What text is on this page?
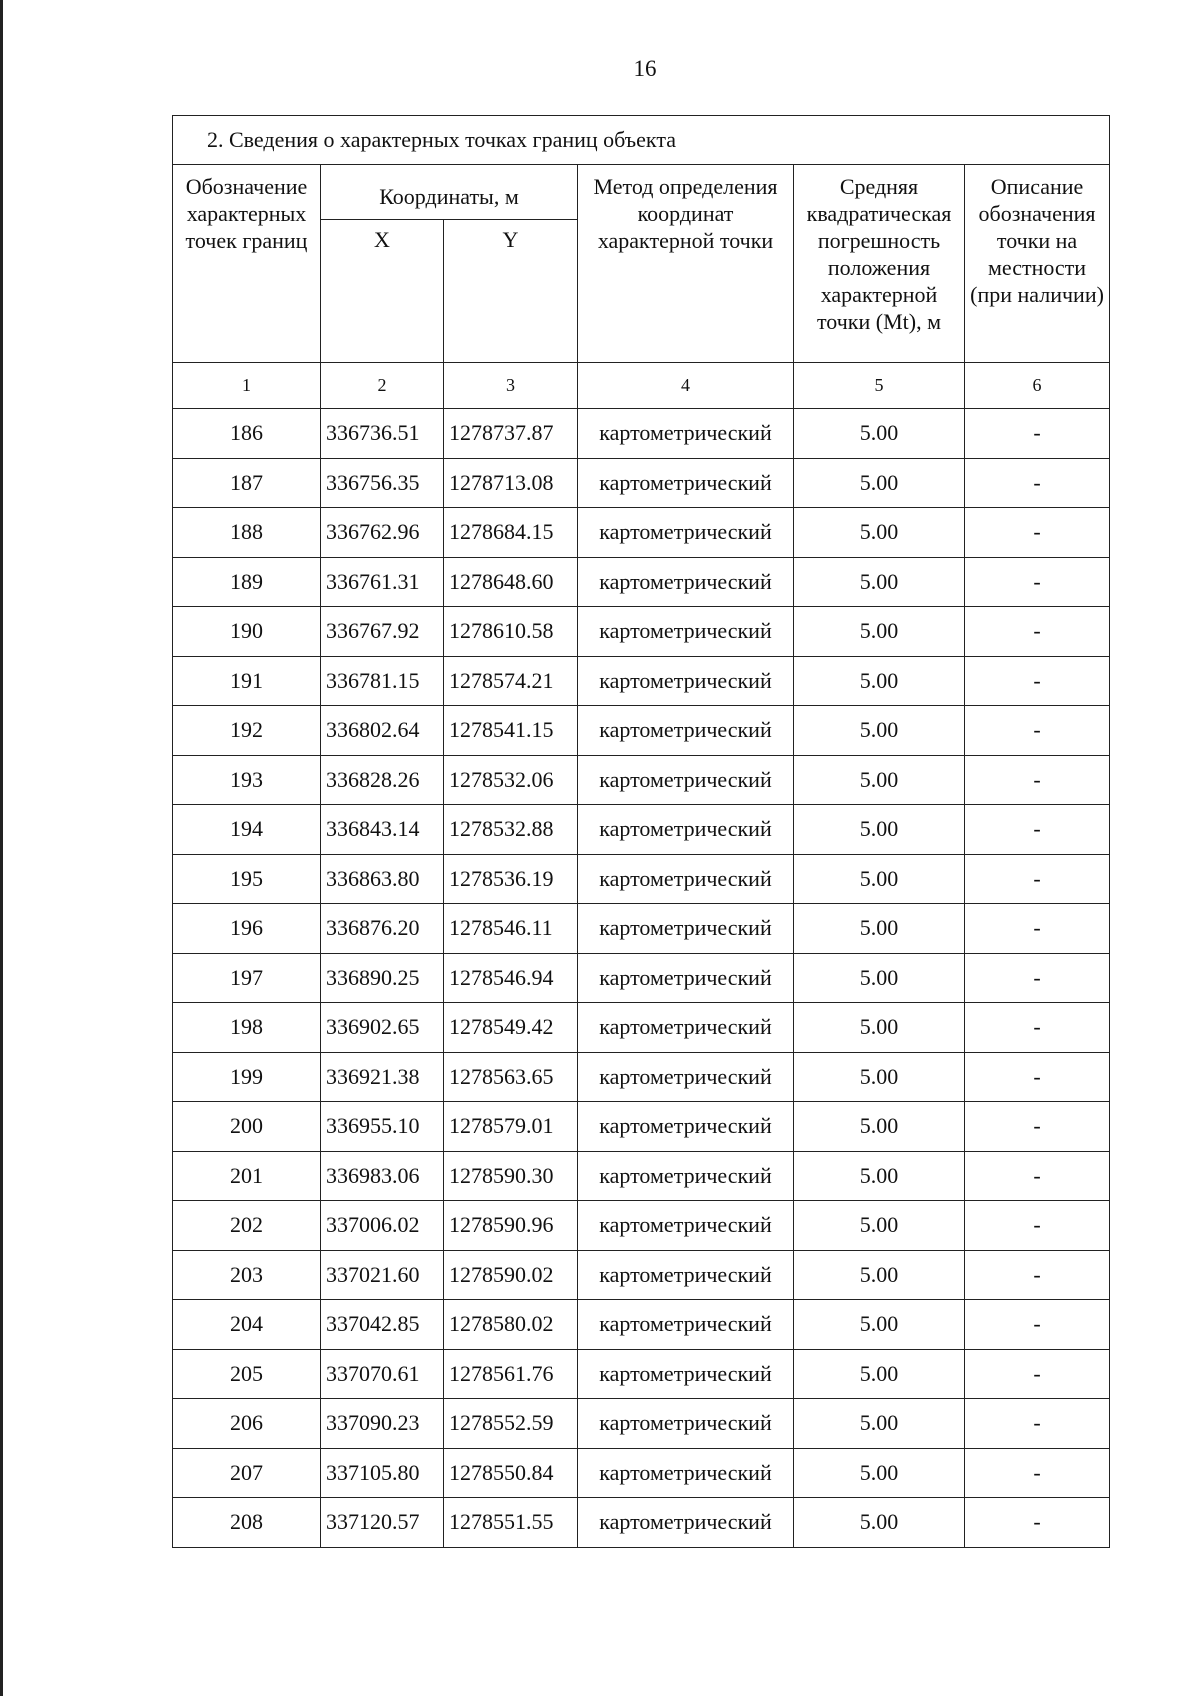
16
2. Сведения о характерных точках границ объекта					
Обозначение характерных точек границ	Координаты, м		Метод определения координат характерной точки	Средняя квадратическая погрешность положения характерной точки (Mt), м	Описание обозначения точки на местности (при наличии)
	X	Y			
1	2	3	4	5	6
186	336736.51	1278737.87	картометрический	5.00	-
187	336756.35	1278713.08	картометрический	5.00	-
188	336762.96	1278684.15	картометрический	5.00	-
189	336761.31	1278648.60	картометрический	5.00	-
190	336767.92	1278610.58	картометрический	5.00	-
191	336781.15	1278574.21	картометрический	5.00	-
192	336802.64	1278541.15	картометрический	5.00	-
193	336828.26	1278532.06	картометрический	5.00	-
194	336843.14	1278532.88	картометрический	5.00	-
195	336863.80	1278536.19	картометрический	5.00	-
196	336876.20	1278546.11	картометрический	5.00	-
197	336890.25	1278546.94	картометрический	5.00	-
198	336902.65	1278549.42	картометрический	5.00	-
199	336921.38	1278563.65	картометрический	5.00	-
200	336955.10	1278579.01	картометрический	5.00	-
201	336983.06	1278590.30	картометрический	5.00	-
202	337006.02	1278590.96	картометрический	5.00	-
203	337021.60	1278590.02	картометрический	5.00	-
204	337042.85	1278580.02	картометрический	5.00	-
205	337070.61	1278561.76	картометрический	5.00	-
206	337090.23	1278552.59	картометрический	5.00	-
207	337105.80	1278550.84	картометрический	5.00	-
208	337120.57	1278551.55	картометрический	5.00	-
